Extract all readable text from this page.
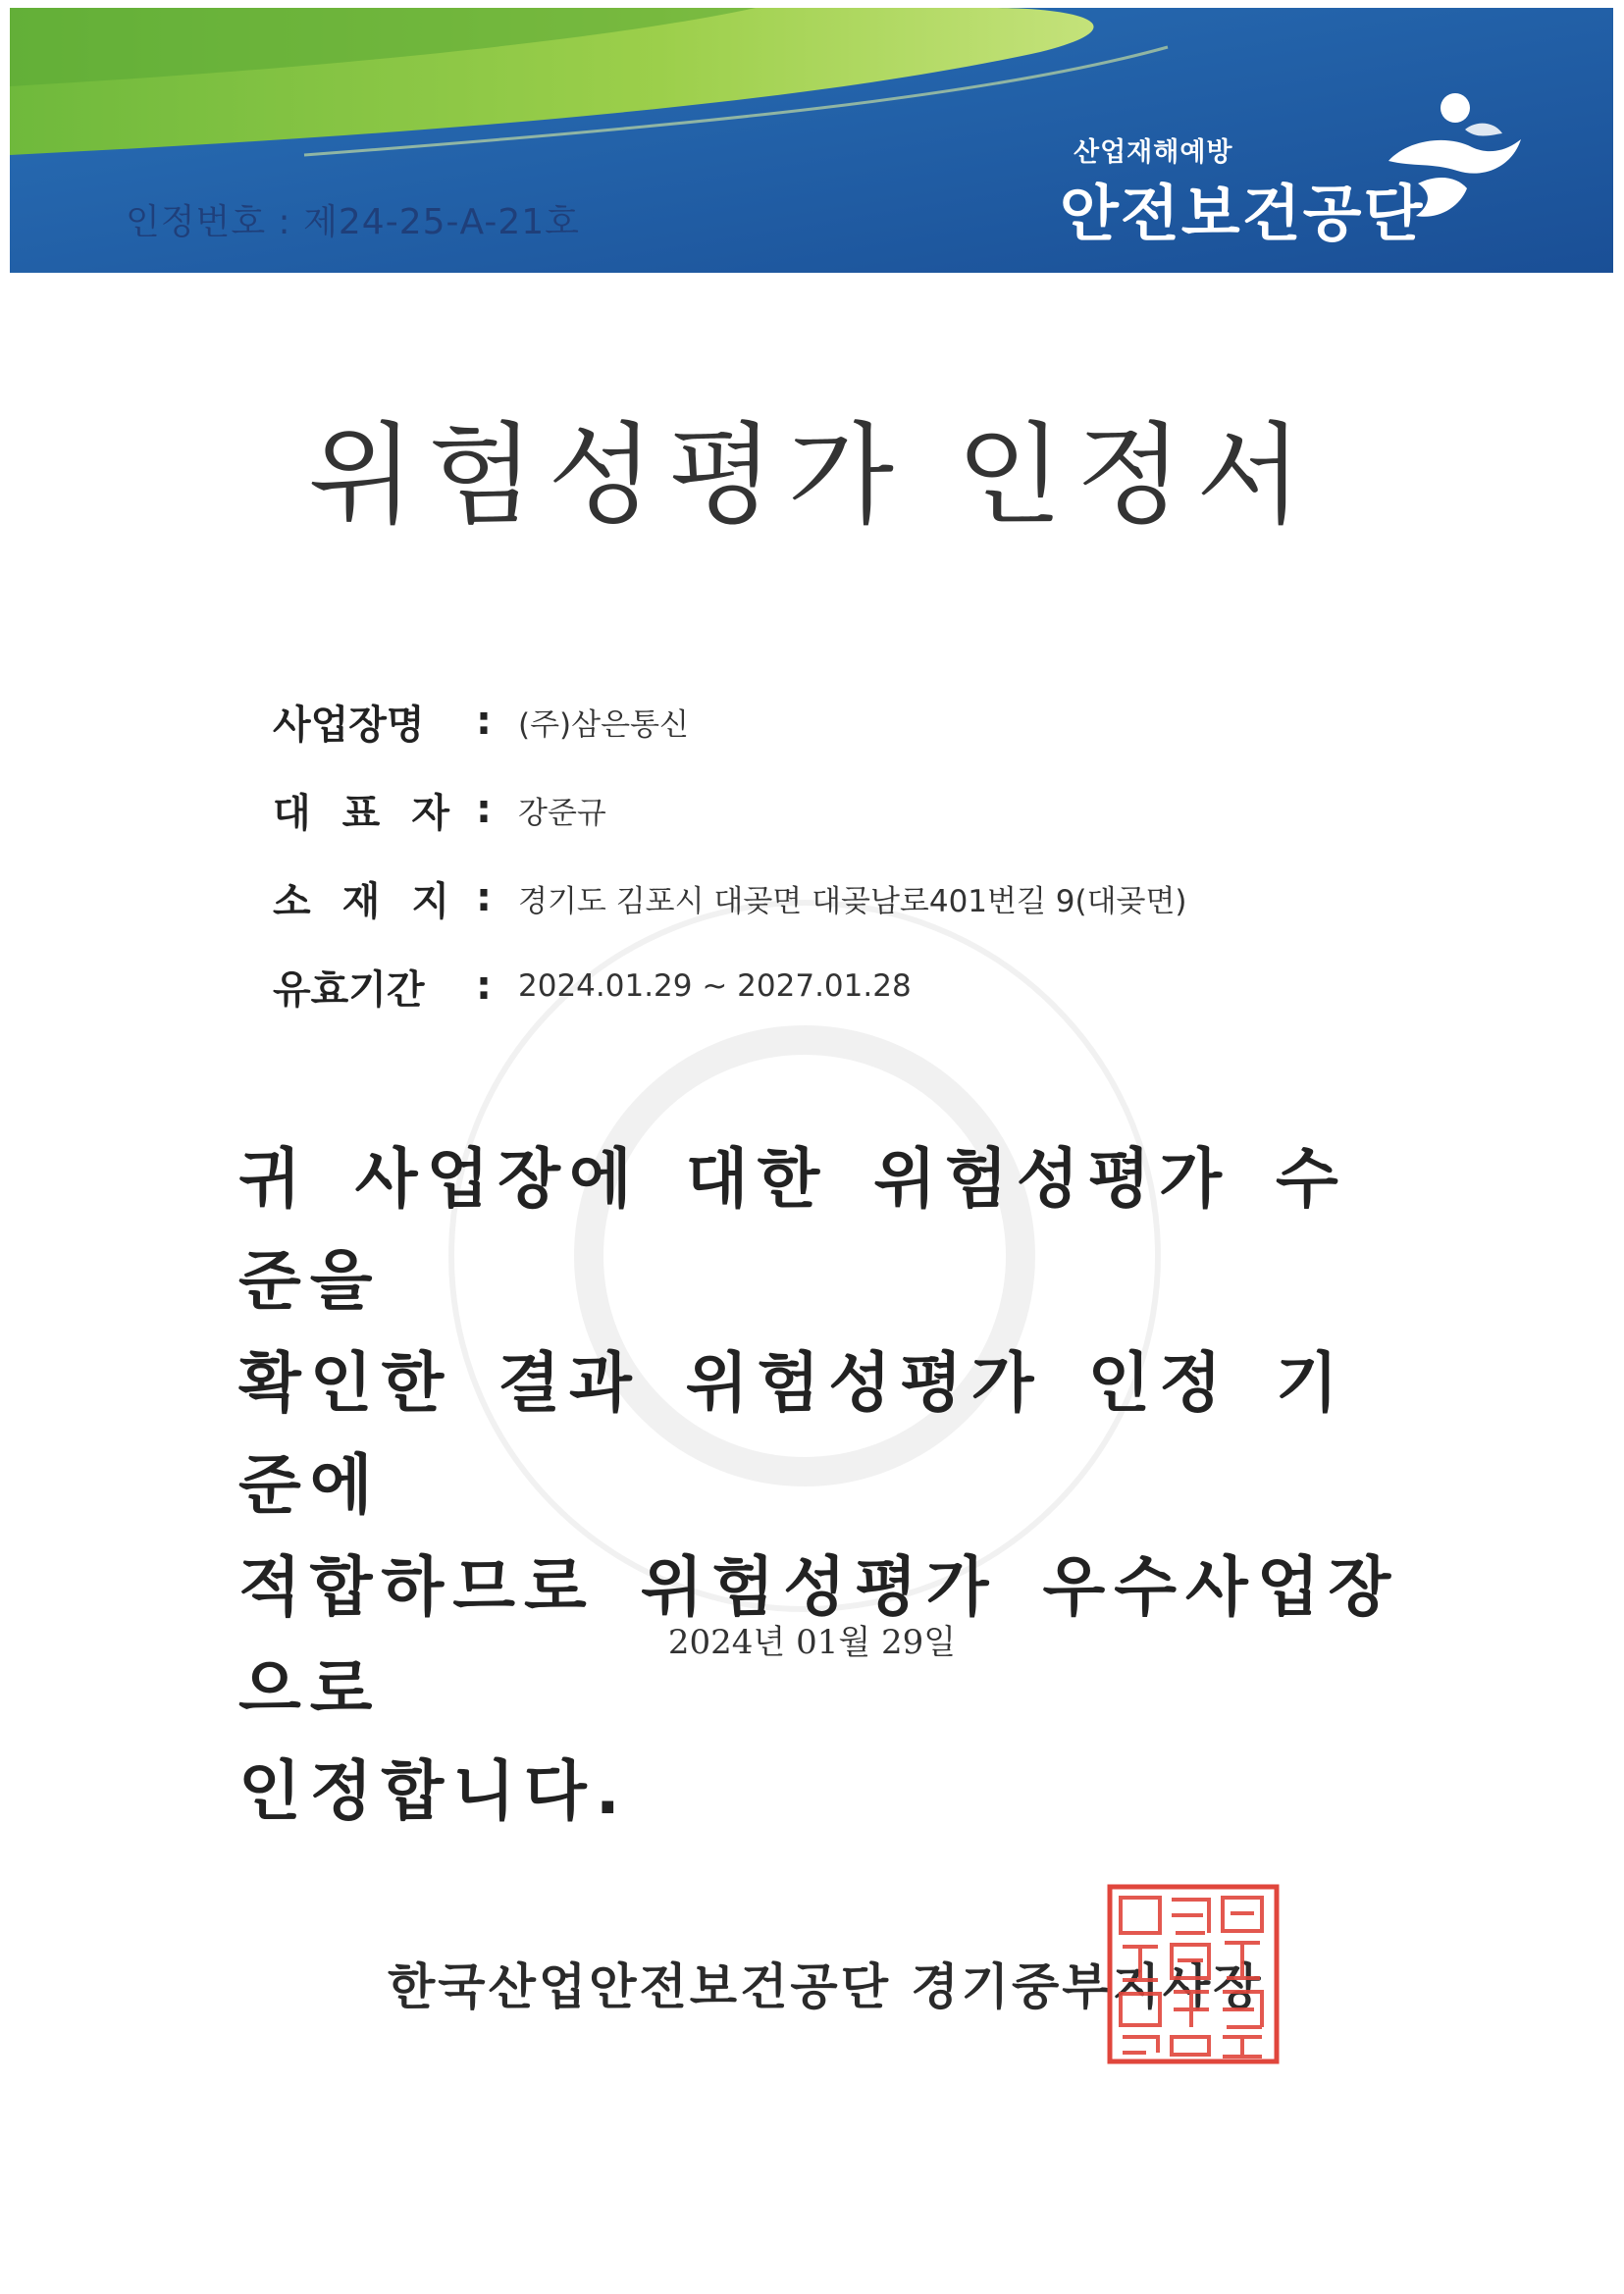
인정번호 : 제24-25-A-21호
산업재해예방
안전보건공단
위험성평가 인정서
사업장명	: (주)삼은통신
대 표 자 : 강준규
소 재 지 : 경기도 김포시 대곶면 대곶남로401번길 9(대곶면)
유효기간	: 2024.01.29 ~ 2027.01.28
귀 사업장에 대한 위험성평가 수준을
확인한 결과 위험성평가 인정 기준에
적합하므로 위험성평가 우수사업장으로
인정합니다.
2024년 01월 29일
한국산업안전보건공단 경기중부지사장
